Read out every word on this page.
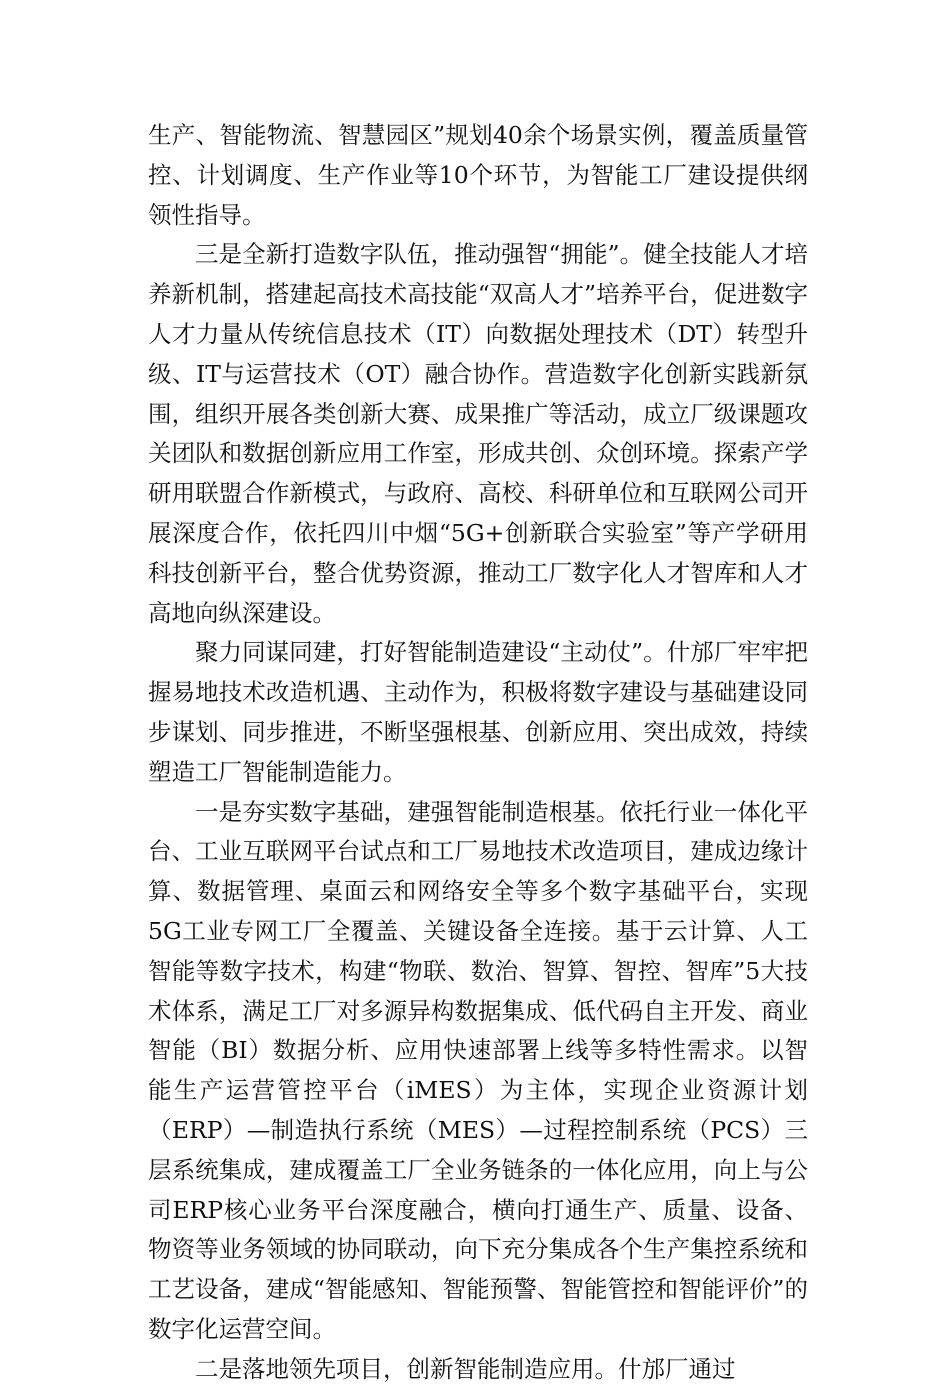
生产、智能物流、智慧园区”规划40余个场景实例，覆盖质量管控、计划调度、生产作业等10个环节，为智能工厂建设提供纲领性指导。

三是全新打造数字队伍，推动强智“拥能”。健全技能人才培养新机制，搭建起高技术高技能“双高人才”培养平台，促进数字人才力量从传统信息技术（IT）向数据处理技术（DT）转型升级、IT与运营技术（OT）融合协作。营造数字化创新实践新氛围，组织开展各类创新大赛、成果推广等活动，成立厂级课题攻关团队和数据创新应用工作室，形成共创、众创环境。探索产学研用联盟合作新模式，与政府、高校、科研单位和互联网公司开展深度合作，依托四川中烟“5G+创新联合实验室”等产学研用科技创新平台，整合优势资源，推动工厂数字化人才智库和人才高地向纵深建设。

聚力同谋同建，打好智能制造建设“主动仗”。什邡厂牢牢把握易地技术改造机遇、主动作为，积极将数字建设与基础建设同步谋划、同步推进，不断坚强根基、创新应用、突出成效，持续塑造工厂智能制造能力。

一是夯实数字基础，建强智能制造根基。依托行业一体化平台、工业互联网平台试点和工厂易地技术改造项目，建成边缘计算、数据管理、桌面云和网络安全等多个数字基础平台，实现5G工业专网工厂全覆盖、关键设备全连接。基于云计算、人工智能等数字技术，构建“物联、数治、智算、智控、智库”5大技术体系，满足工厂对多源异构数据集成、低代码自主开发、商业智能（BI）数据分析、应用快速部署上线等多特性需求。以智能生产运营管控平台（iMES）为主体，实现企业资源计划（ERP）—制造执行系统（MES）—过程控制系统（PCS）三层系统集成，建成覆盖工厂全业务链条的一体化应用，向上与公司ERP核心业务平台深度融合，横向打通生产、质量、设备、物资等业务领域的协同联动，向下充分集成各个生产集控系统和工艺设备，建成“智能感知、智能预警、智能管控和智能评价”的数字化运营空间。

二是落地领先项目，创新智能制造应用。什邡厂通过
